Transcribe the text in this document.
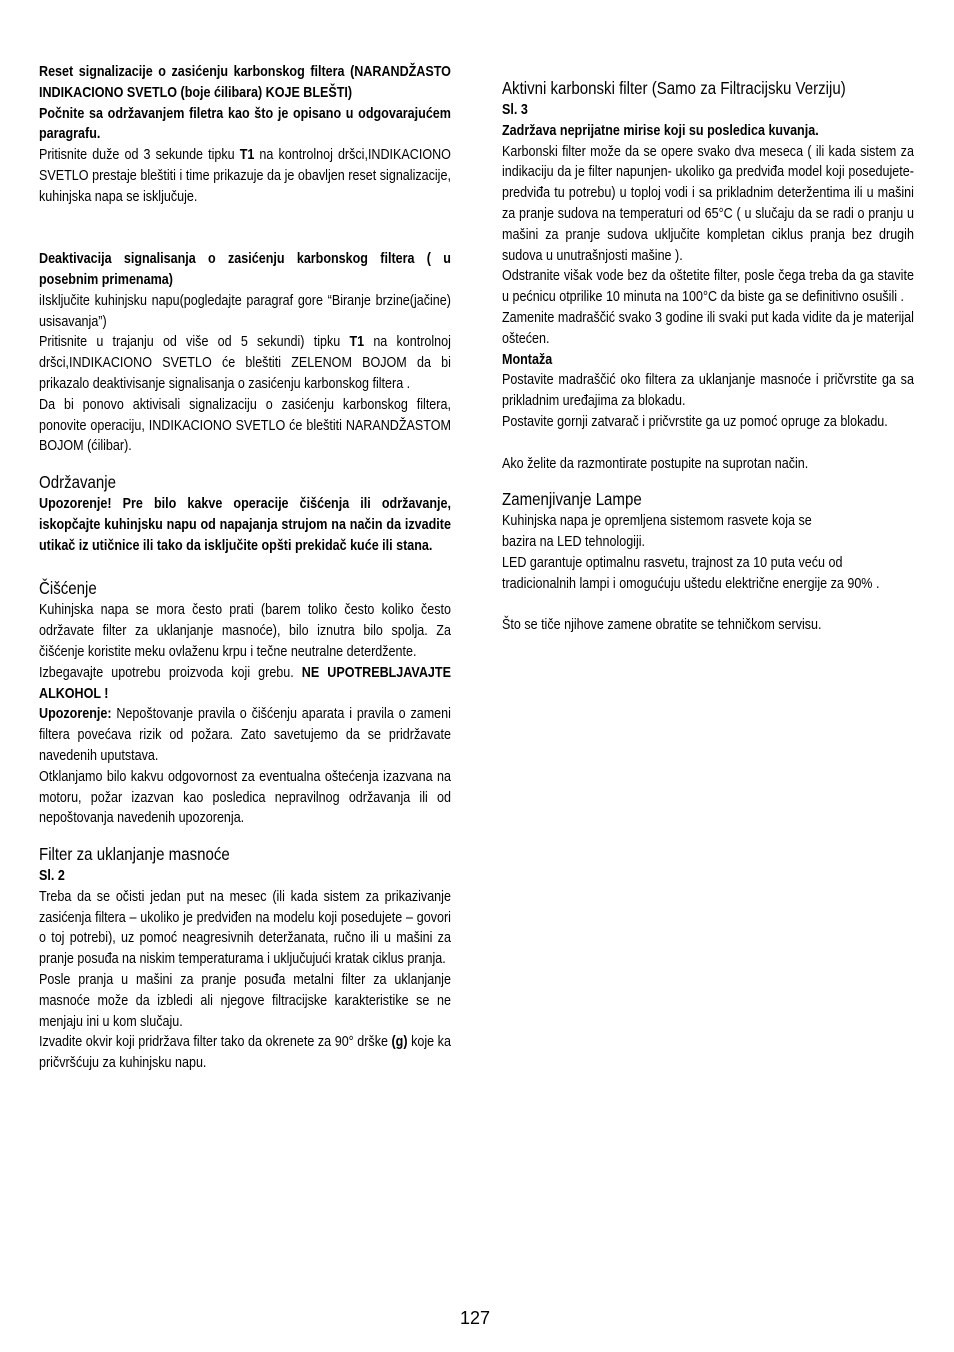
Reset signalizacije o zasićenju karbonskog filtera (NARANDŽASTO INDIKACIONO SVETLO (boje ćilibara) KOJE BLEŠTI)

Počnite sa održavanjem filetra kao što je opisano u odgovarajućem paragrafu.

Pritisnite duže od 3 sekunde tipku T1 na kontrolnoj dršci,INDIKACIONO SVETLO prestaje bleštiti i time prikazuje da je obavljen reset signalizacije, kuhinjska napa se isključuje.

Deaktivacija signalisanja o zasićenju karbonskog filtera ( u posebnim primenama)

iIsključite kuhinjsku napu(pogledajte paragraf gore “Biranje brzine(jačine) usisavanja”)

Pritisnite u trajanju od više od 5 sekundi) tipku T1 na kontrolnoj dršci,INDIKACIONO SVETLO će bleštiti ZELENOM BOJOM da bi prikazalo deaktivisanje signalisanja o zasićenju karbonskog filtera .

Da bi ponovo aktivisali signalizaciju o zasićenju karbonskog filtera, ponovite operaciju, INDIKACIONO SVETLO će bleštiti NARANDŽASTOM BOJOM (ćilibar).

Održavanje

Upozorenje! Pre bilo kakve operacije čišćenja ili održavanje, iskopčajte kuhinjsku napu od napajanja strujom na način da izvadite utikač iz utičnice ili tako da isključite opšti prekidač kuće ili stana.

Čišćenje

Kuhinjska napa se mora često prati (barem toliko često koliko često održavate filter za uklanjanje masnoće), bilo iznutra bilo spolja. Za čišćenje koristite meku ovlaženu krpu i tečne neutralne deterdžente.

Izbegavajte upotrebu proizvoda koji grebu. NE UPOTREBLJAVAJTE ALKOHOL !

Upozorenje: Nepoštovanje pravila o čišćenju aparata i pravila o zameni filtera povećava rizik od požara. Zato savetujemo da se pridržavate navedenih uputstava.

Otklanjamo bilo kakvu odgovornost za eventualna oštećenja izazvana na motoru, požar izazvan kao posledica nepravilnog održavanja ili od nepoštovanja navedenih upozorenja.

Filter za uklanjanje masnoće

Sl. 2

Treba da se očisti jedan put na mesec (ili kada sistem za prikazivanje zasićenja filtera – ukoliko je predviđen na modelu koji posedujete – govori o toj potrebi), uz pomoć neagresivnih deteržanata, ručno ili u mašini za pranje posuđa na niskim temperaturama i uključujući kratak ciklus pranja.

Posle pranja u mašini za pranje posuđa metalni filter za uklanjanje masnoće može da izbledi ali njegove filtracijske karakteristike se ne menjaju ini u kom slučaju.

Izvadite okvir koji pridržava filter tako da okrenete za 90° drške (g) koje ka pričvršćuju za kuhinjsku napu.

Aktivni karbonski filter (Samo za Filtracijsku Verziju)

Sl. 3

Zadržava neprijatne mirise koji su posledica kuvanja.

Karbonski filter može da se opere svako dva meseca ( ili kada sistem za indikaciju da je filter napunjen- ukoliko ga predviđa model koji posedujete- predviđa tu potrebu) u toploj vodi i sa prikladnim deteržentima ili u mašini za pranje sudova na temperaturi od 65°C ( u slučaju da se radi o pranju u mašini za pranje sudova uključite kompletan ciklus pranja bez drugih sudova u unutrašnjosti mašine ).

Odstranite višak vode bez da oštetite filter, posle čega treba da ga stavite u pećnicu otprilike 10 minuta na 100°C da biste ga se definitivno osušili .

Zamenite madraščić svako 3 godine ili svaki put kada vidite da je materijal oštećen.

Montaža

Postavite madraščić oko filtera za uklanjanje masnoće i pričvrstite ga sa prikladnim uređajima za blokadu.

Postavite gornji zatvarač i pričvrstite ga uz pomoć opruge za blokadu.

Ako želite da razmontirate postupite na suprotan način.

Zamenjivanje Lampe

Kuhinjska napa je opremljena sistemom rasvete koja se

bazira na LED tehnologiji.

LED garantuje optimalnu rasvetu, trajnost za 10 puta veću od tradicionalnih lampi i omogućuju uštedu električne energije za 90% .

Što se tiče njihove zamene obratite se tehničkom servisu.

127
